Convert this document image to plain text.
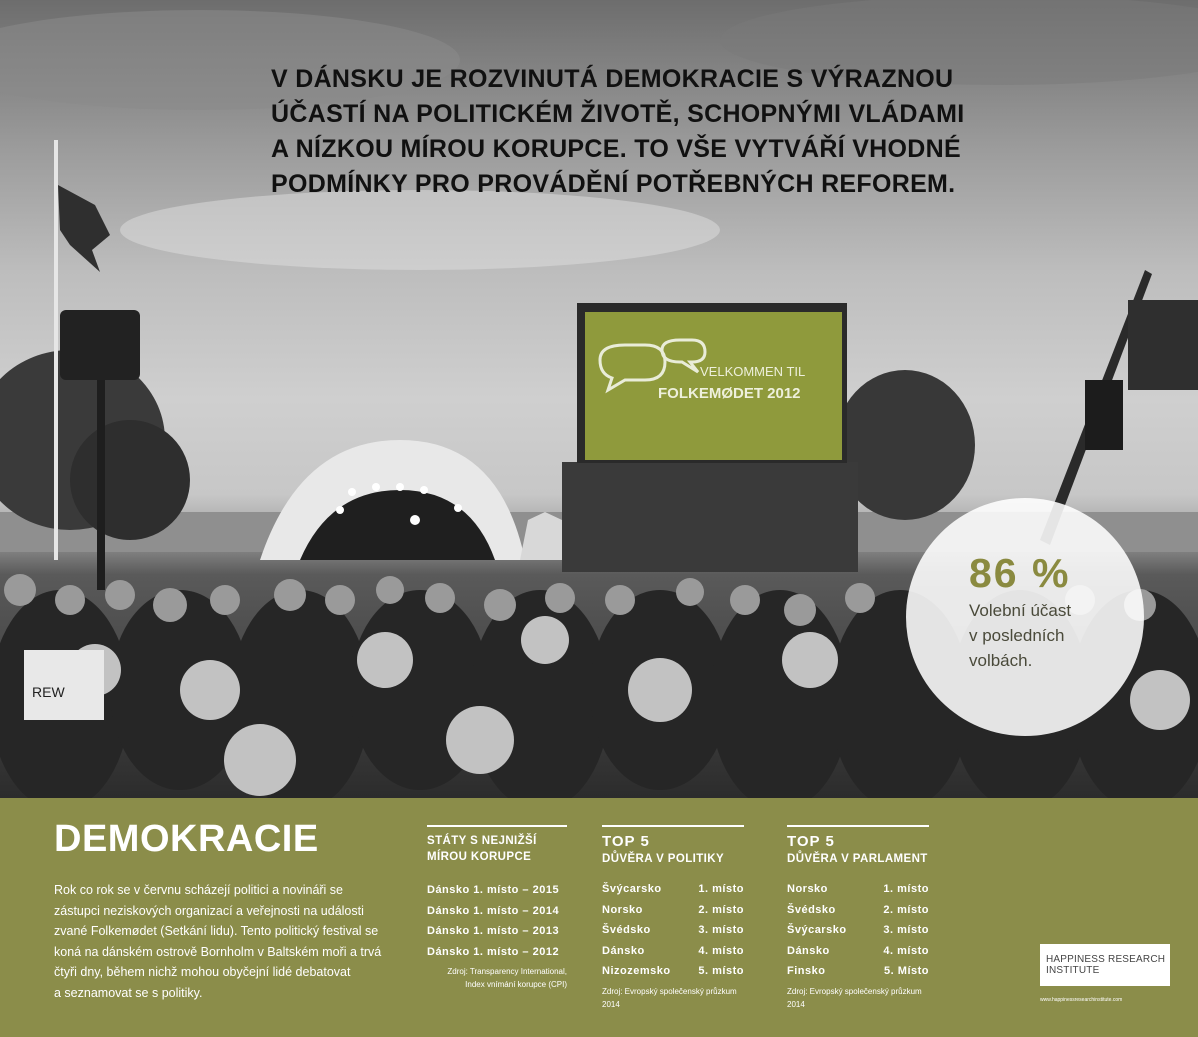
VELKOMMEN TIL
FOLKEMØDET 2012
REW
V DÁNSKU JE ROZVINUTÁ DEMOKRACIE S VÝRAZNOU
ÚČASTÍ NA POLITICKÉM ŽIVOTĚ, SCHOPNÝMI VLÁDAMI
A NÍZKOU MÍROU KORUPCE. TO VŠE VYTVÁŘÍ VHODNÉ
PODMÍNKY PRO PROVÁDĚNÍ POTŘEBNÝCH REFOREM.
86 %
Volební účast
v posledních
volbách.
DEMOKRACIE
Rok co rok se v červnu scházejí politici a novináři se
zástupci neziskových organizací a veřejnosti na události
zvané Folkemødet (Setkání lidu). Tento politický festival se
koná na dánském ostrově Bornholm v Baltském moři a trvá
čtyři dny, během nichž mohou obyčejní lidé debatovat
a seznamovat se s politiky.
STÁTY S NEJNIŽŠÍ
MÍROU KORUPCE
Dánsko 1. místo – 2015
Dánsko 1. místo – 2014
Dánsko 1. místo – 2013
Dánsko 1. místo – 2012
Zdroj: Transparency International,
Index vnímání korupce (CPI)
TOP 5
DŮVĚRA V POLITIKY
Švýcarsko	1. místo
Norsko	2. místo
Švédsko	3. místo
Dánsko	4. místo
Nizozemsko	5. místo
Zdroj: Evropský společenský průzkum 2014
TOP 5
DŮVĚRA V PARLAMENT
Norsko	1. místo
Švédsko	2. místo
Švýcarsko	3. místo
Dánsko	4. místo
Finsko	5. Místo
Zdroj: Evropský společenský průzkum 2014
HAPPINESS RESEARCH
INSTITUTE
www.happinessresearchinstitute.com
